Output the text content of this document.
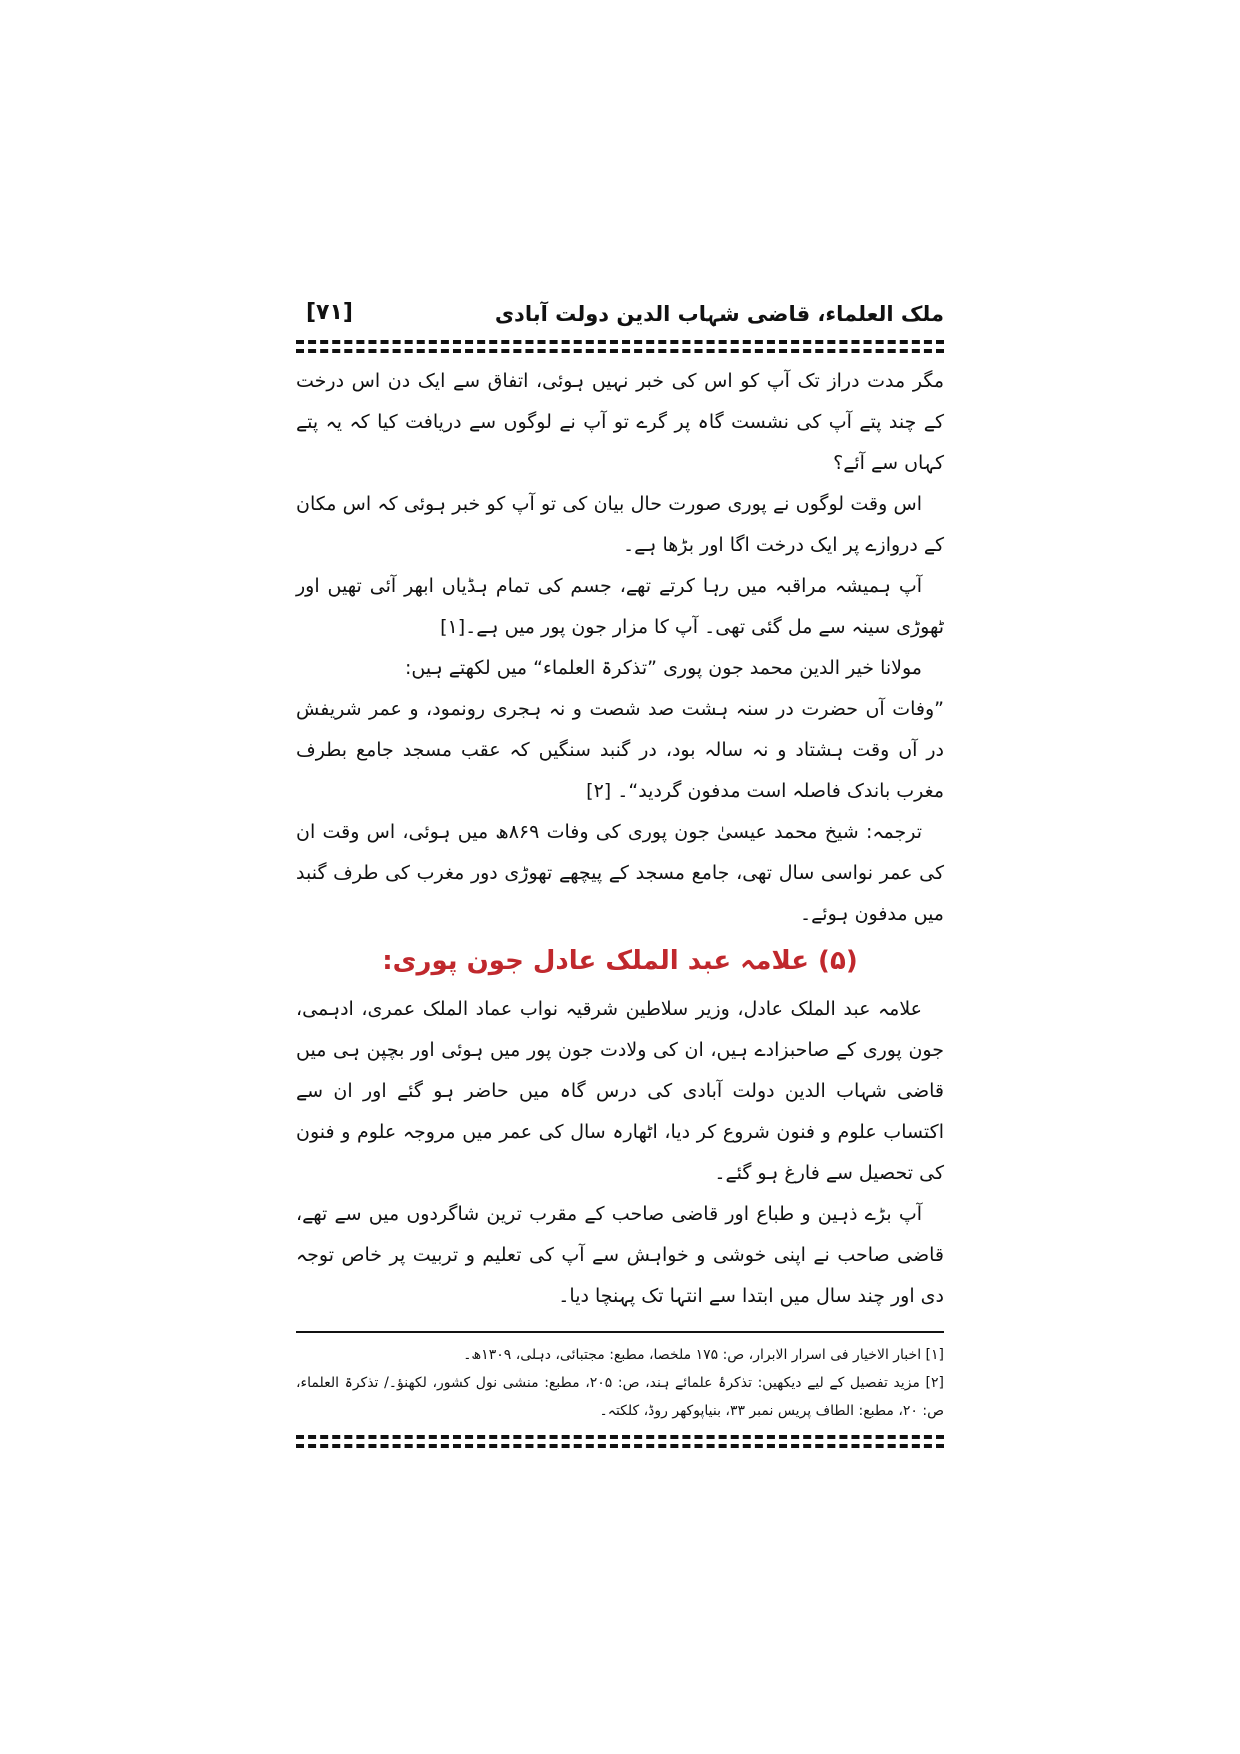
ملک العلماء، قاضی شہاب الدین دولت آبادی
[۷۱]

مگر مدت دراز تک آپ کو اس کی خبر نہیں ہوئی، اتفاق سے ایک دن اس درخت کے چند پتے آپ کی نشست گاہ پر گرے تو آپ نے لوگوں سے دریافت کیا کہ یہ پتے کہاں سے آئے؟

اس وقت لوگوں نے پوری صورت حال بیان کی تو آپ کو خبر ہوئی کہ اس مکان کے دروازے پر ایک درخت اگا اور بڑھا ہے۔

آپ ہمیشہ مراقبہ میں رہا کرتے تھے، جسم کی تمام ہڈیاں ابھر آئی تھیں اور ٹھوڑی سینہ سے مل گئی تھی۔ آپ کا مزار جون پور میں ہے۔[۱]

مولانا خیر الدین محمد جون پوری ”تذکرۃ العلماء“ میں لکھتے ہیں:

”وفات آں حضرت در سنہ ہشت صد شصت و نہ ہجری رونمود، و عمر شریفش در آں وقت ہشتاد و نہ سالہ بود، در گنبد سنگیں کہ عقب مسجد جامع بطرف مغرب باندک فاصلہ است مدفون گردید“۔ [۲]

ترجمہ: شیخ محمد عیسیٰ جون پوری کی وفات ۸۶۹ھ میں ہوئی، اس وقت ان کی عمر نواسی سال تھی، جامع مسجد کے پیچھے تھوڑی دور مغرب کی طرف گنبد میں مدفون ہوئے۔

(۵) علامہ عبد الملک عادل جون پوری:

علامہ عبد الملک عادل، وزیر سلاطین شرقیہ نواب عماد الملک عمری، ادہمی، جون پوری کے صاحبزادے ہیں، ان کی ولادت جون پور میں ہوئی اور بچپن ہی میں قاضی شہاب الدین دولت آبادی کی درس گاہ میں حاضر ہو گئے اور ان سے اکتساب علوم و فنون شروع کر دیا، اٹھارہ سال کی عمر میں مروجہ علوم و فنون کی تحصیل سے فارغ ہو گئے۔

آپ بڑے ذہین و طباع اور قاضی صاحب کے مقرب ترین شاگردوں میں سے تھے، قاضی صاحب نے اپنی خوشی و خواہش سے آپ کی تعلیم و تربیت پر خاص توجہ دی اور چند سال میں ابتدا سے انتہا تک پہنچا دیا۔

[۱] اخبار الاخیار فی اسرار الابرار، ص: ۱۷۵ ملخصا، مطبع: مجتبائی، دہلی، ۱۳۰۹ھ۔

[۲] مزید تفصیل کے لیے دیکھیں: تذکرۂ علمائے ہند، ص: ۲۰۵، مطبع: منشی نول کشور، لکھنؤ۔/ تذکرۃ العلماء، ص: ۲۰، مطبع: الطاف پریس نمبر ۳۳، بنیاپوکھر روڈ، کلکتہ۔
